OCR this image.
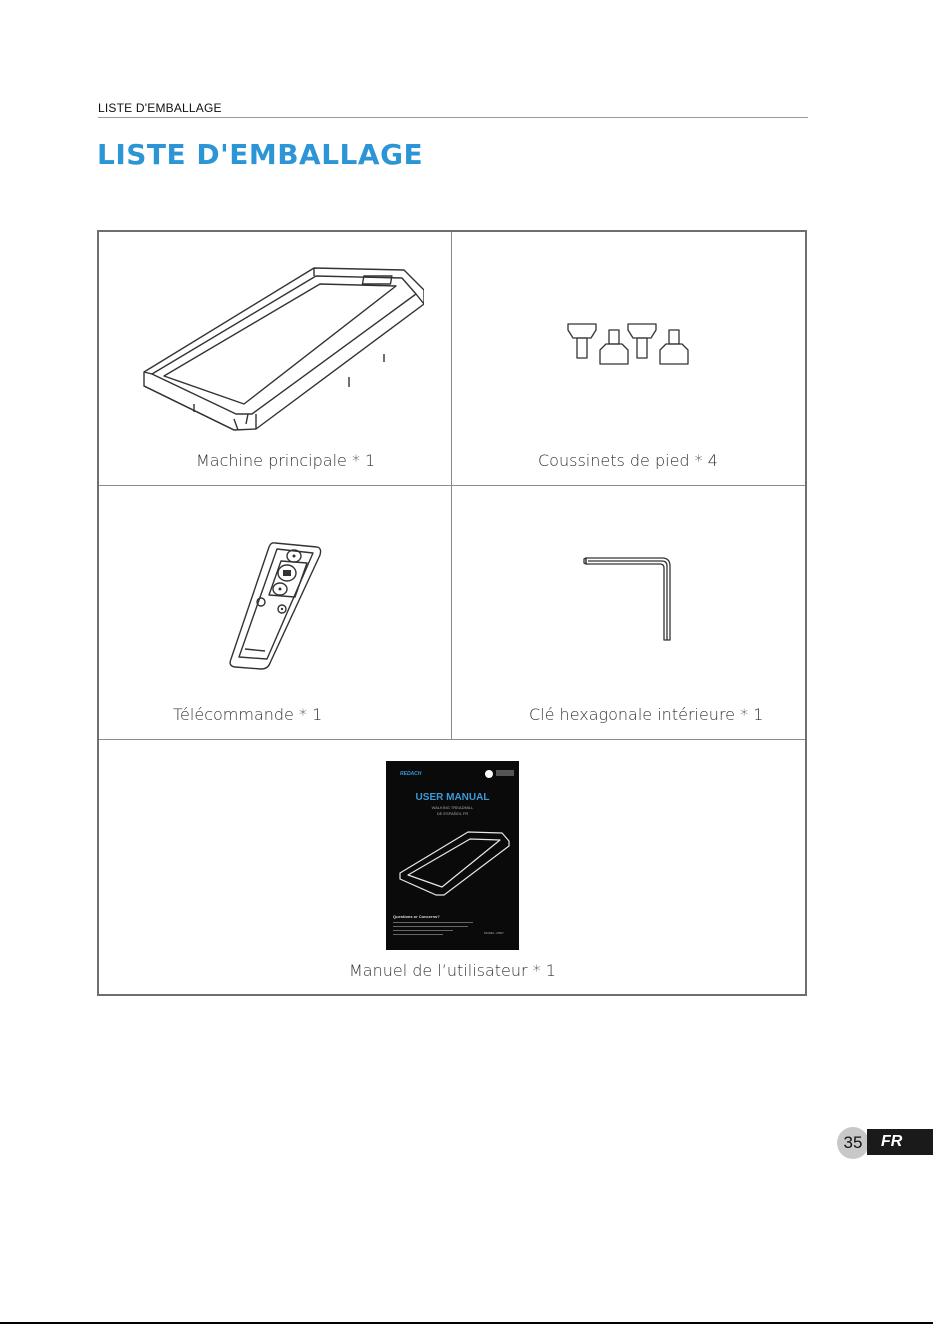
LISTE D'EMBALLAGE
LISTE D'EMBALLAGE
Machine principale * 1	Coussinets de pied * 4
Télécommande * 1	Clé hexagonale intérieure * 1
REDACH
USER MANUAL
WALKING TREADMILL
DE ESPAÑOL FR
Questions or Concerns?
MODEL: M847
Manuel de l’utilisateur * 1
35	FR
